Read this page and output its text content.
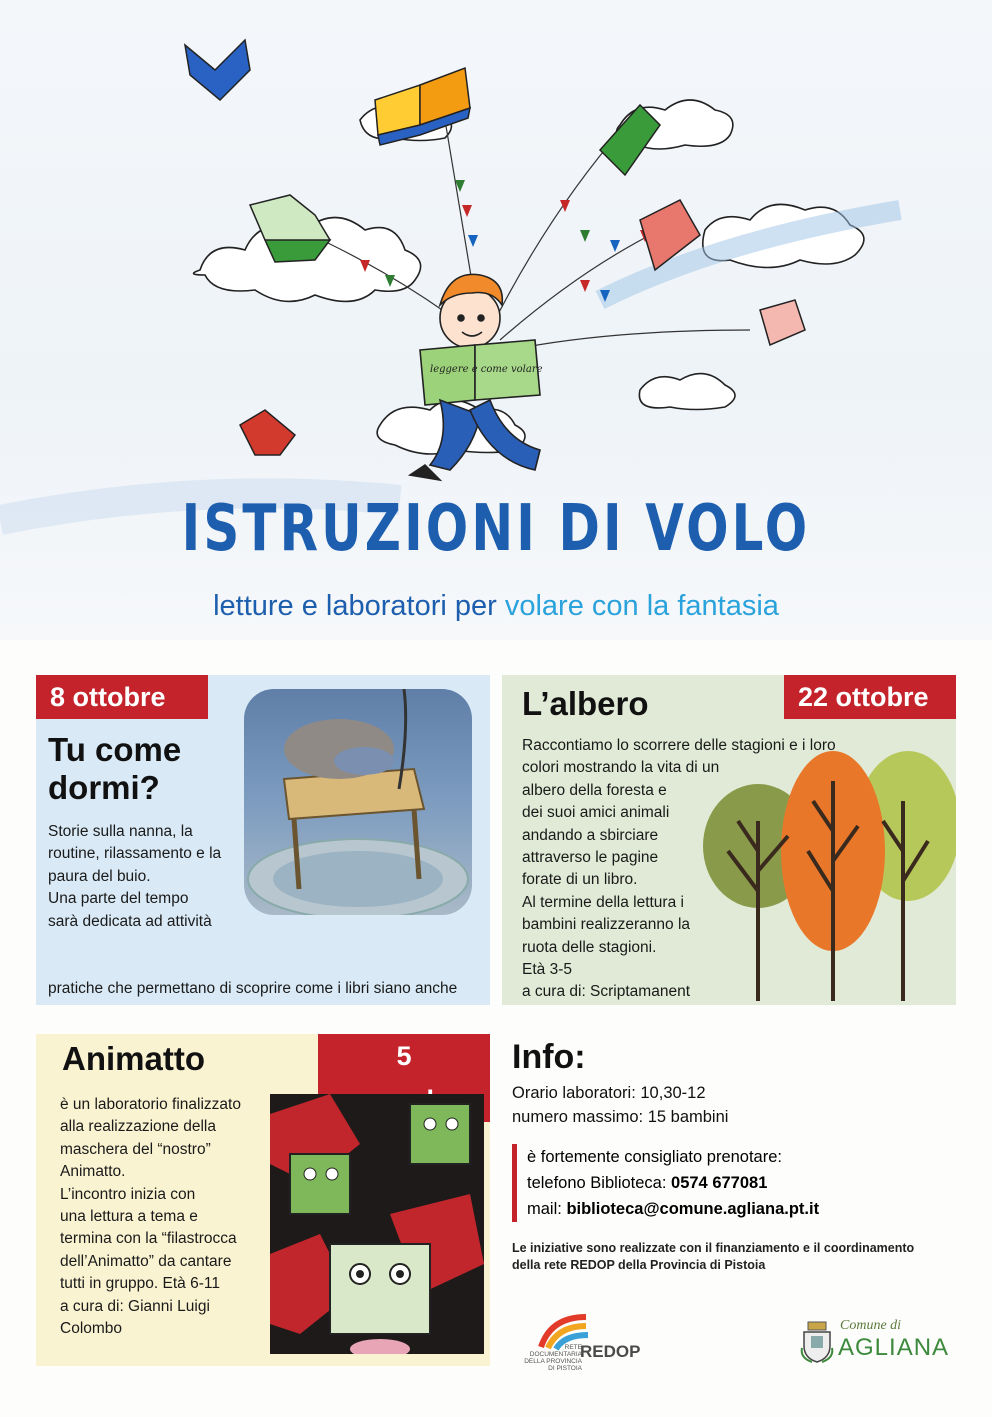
leggere è come volare
ISTRUZIONI DI VOLO
letture e laboratori per volare con la fantasia
8 ottobre
Tu come
dormi?

Storie sulla nanna, la

routine, rilassamento e la

paura del buio.

Una parte del tempo

sarà dedicata ad attività

pratiche che permettano di scoprire come i libri siano anche

L’albero	22 ottobre

Raccontiamo lo scorrere delle stagioni e i loro

colori mostrando la vita di un

albero della foresta e

dei suoi amici animali

andando a sbirciare

attraverso le pagine

forate di un libro.

Al termine della lettura i

bambini realizzeranno la

ruota delle stagioni.

Età 3-5

a cura di: Scriptamanent

Animatto	5

è un laboratorio finalizzato

alla realizzazione della

maschera del “nostro”

Animatto.

L’incontro inizia con

una lettura a tema e

termina con la “filastrocca

dell’Animatto” da cantare

tutti in gruppo. Età 6-11

a cura di: Gianni Luigi

Colombo

Info:
Orario laboratori: 10,30-12
numero massimo: 15 bambini
è fortemente consigliato prenotare:
telefono Biblioteca: 0574 677081
mail: biblioteca@comune.agliana.pt.it
Le iniziative sono realizzate con il finanziamento e il coordinamento
della rete REDOP della Provincia di Pistoia
RETE DOCUMENTARIA DELLA PROVINCIA DI PISTOIA
REDOP
Comune di
AGLIANA
